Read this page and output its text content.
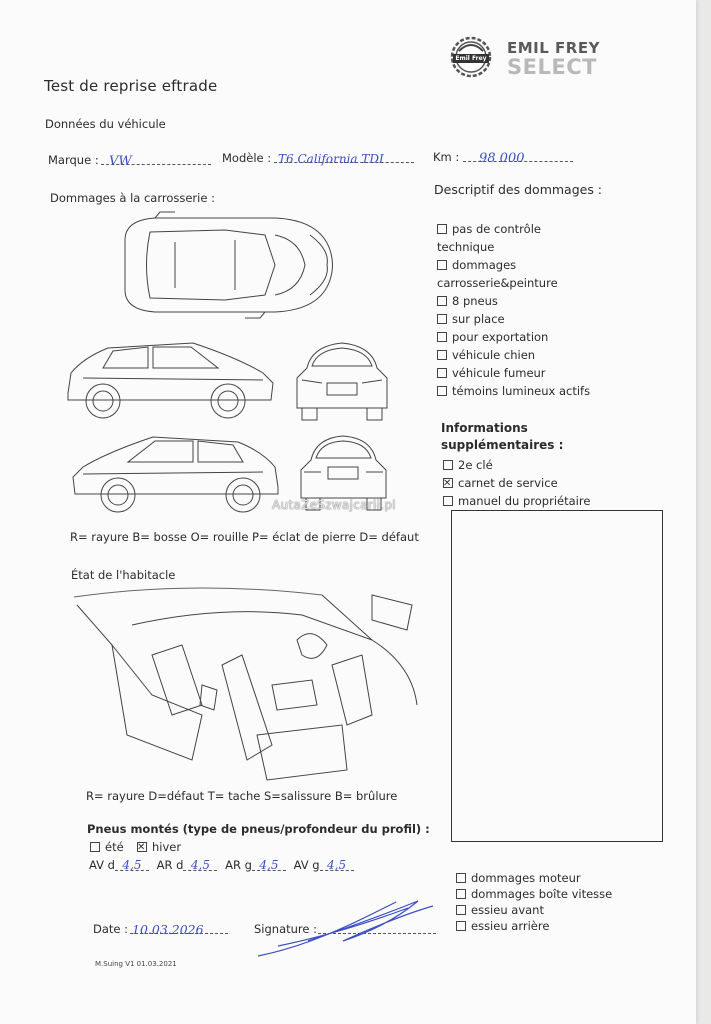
Emil Frey
EMIL FREY
SELECT
Test de reprise eftrade
Données du véhicule
Marque : VW	Modèle : T6 California TDI	Km :	98 000
Dommages à la carrosserie :
R= rayure B= bosse O= rouille P= éclat de pierre D= défaut
Descriptif des dommages :
pas de contrôle
technique
dommages
carrosserie&peinture
8 pneus
sur place
pour exportation
véhicule chien
véhicule fumeur
témoins lumineux actifs
Informations
supplémentaires :
2e clé
✕carnet de service
manuel du propriétaire
AutaZeSzwajcarii.pl
État de l'habitacle
R= rayure D=défaut T= tache S=salissure B= brûlure
Pneus montés (type de pneus/profondeur du profil) :
été  ✕ hiver
AV d 4,5 AR d 4,5 AR g 4,5 AV g 4,5
dommages moteur
dommages boîte vitesse
essieu avant
essieu arrière
Date : 10.03.2026	Signature :
M.Suing V1 01.03.2021
